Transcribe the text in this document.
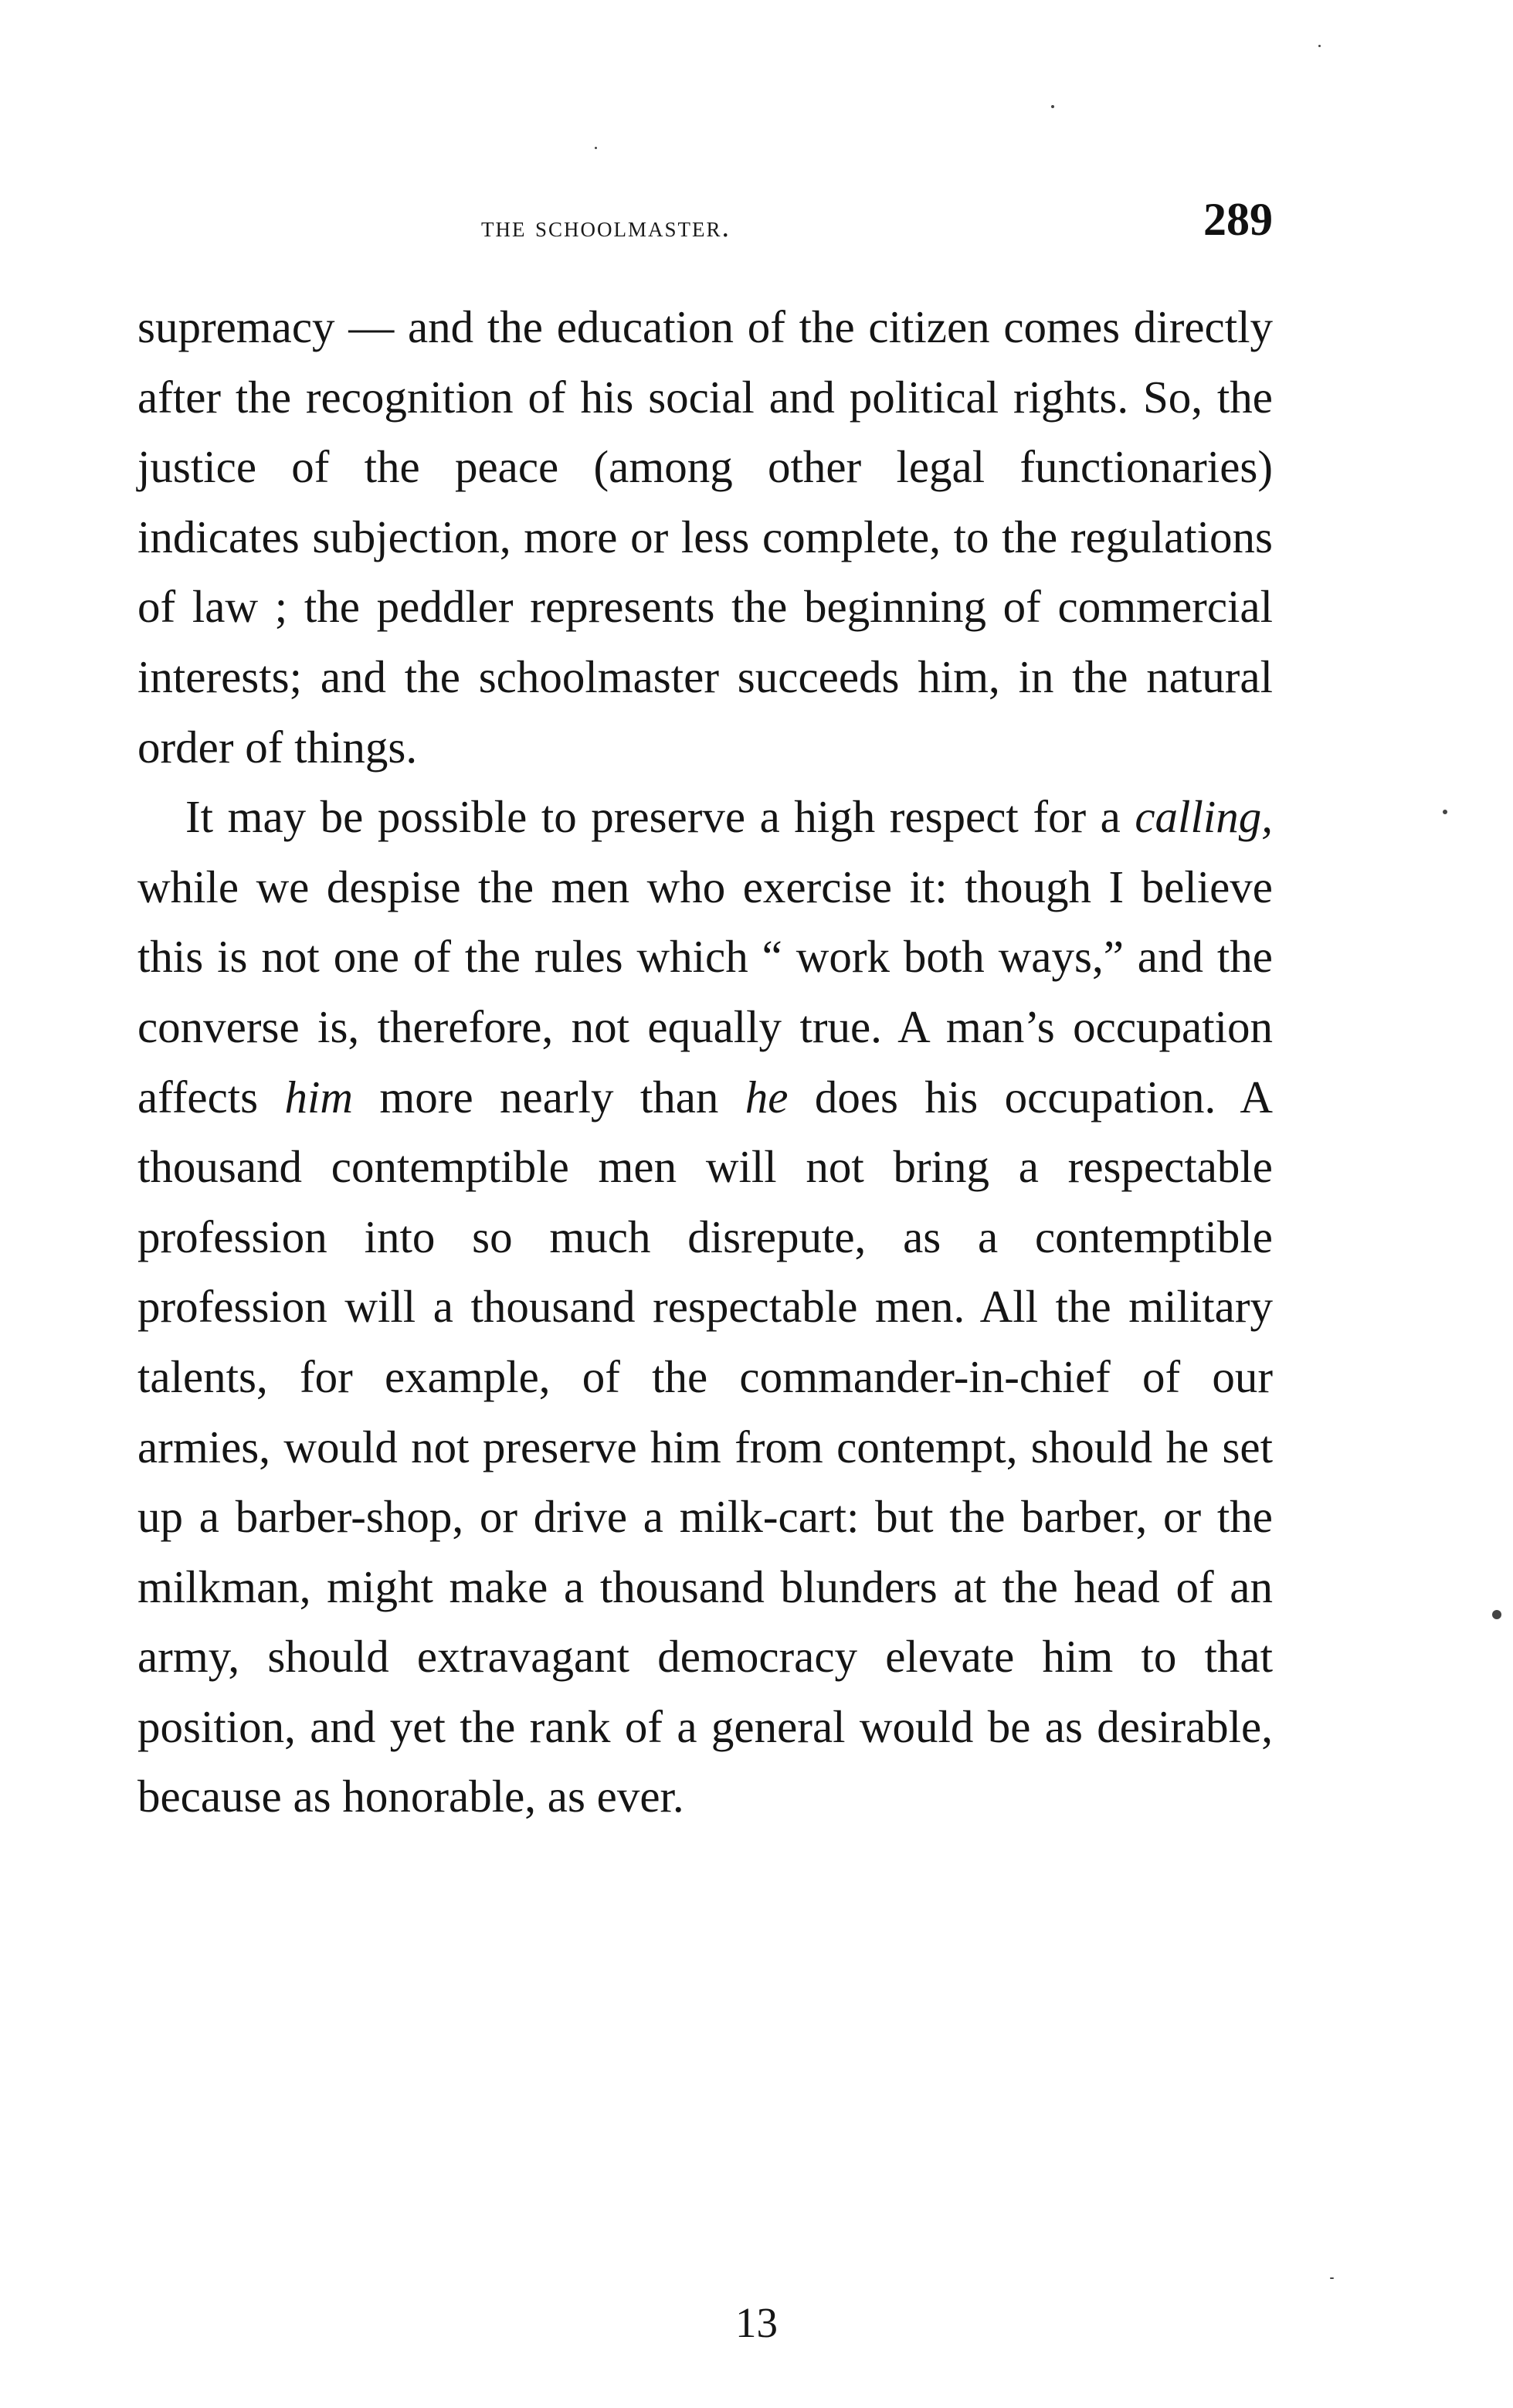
the schoolmaster.	289

supremacy — and the education of the citizen comes directly after the recognition of his social and political rights. So, the justice of the peace (among other legal functionaries) indicates subjection, more or less complete, to the regulations of law ; the peddler represents the beginning of commercial interests; and the schoolmaster succeeds him, in the natural order of things.

It may be possible to preserve a high respect for a calling, while we despise the men who exercise it: though I believe this is not one of the rules which “ work both ways,” and the converse is, therefore, not equally true. A man’s occupation affects him more nearly than he does his occupation. A thousand contemptible men will not bring a respectable profession into so much disrepute, as a contemptible profession will a thousand respectable men. All the military talents, for example, of the commander-in-chief of our armies, would not preserve him from contempt, should he set up a barber-shop, or drive a milk-cart: but the barber, or the milkman, might make a thousand blunders at the head of an army, should extravagant democracy elevate him to that position, and yet the rank of a general would be as desirable, because as honorable, as ever.

13
